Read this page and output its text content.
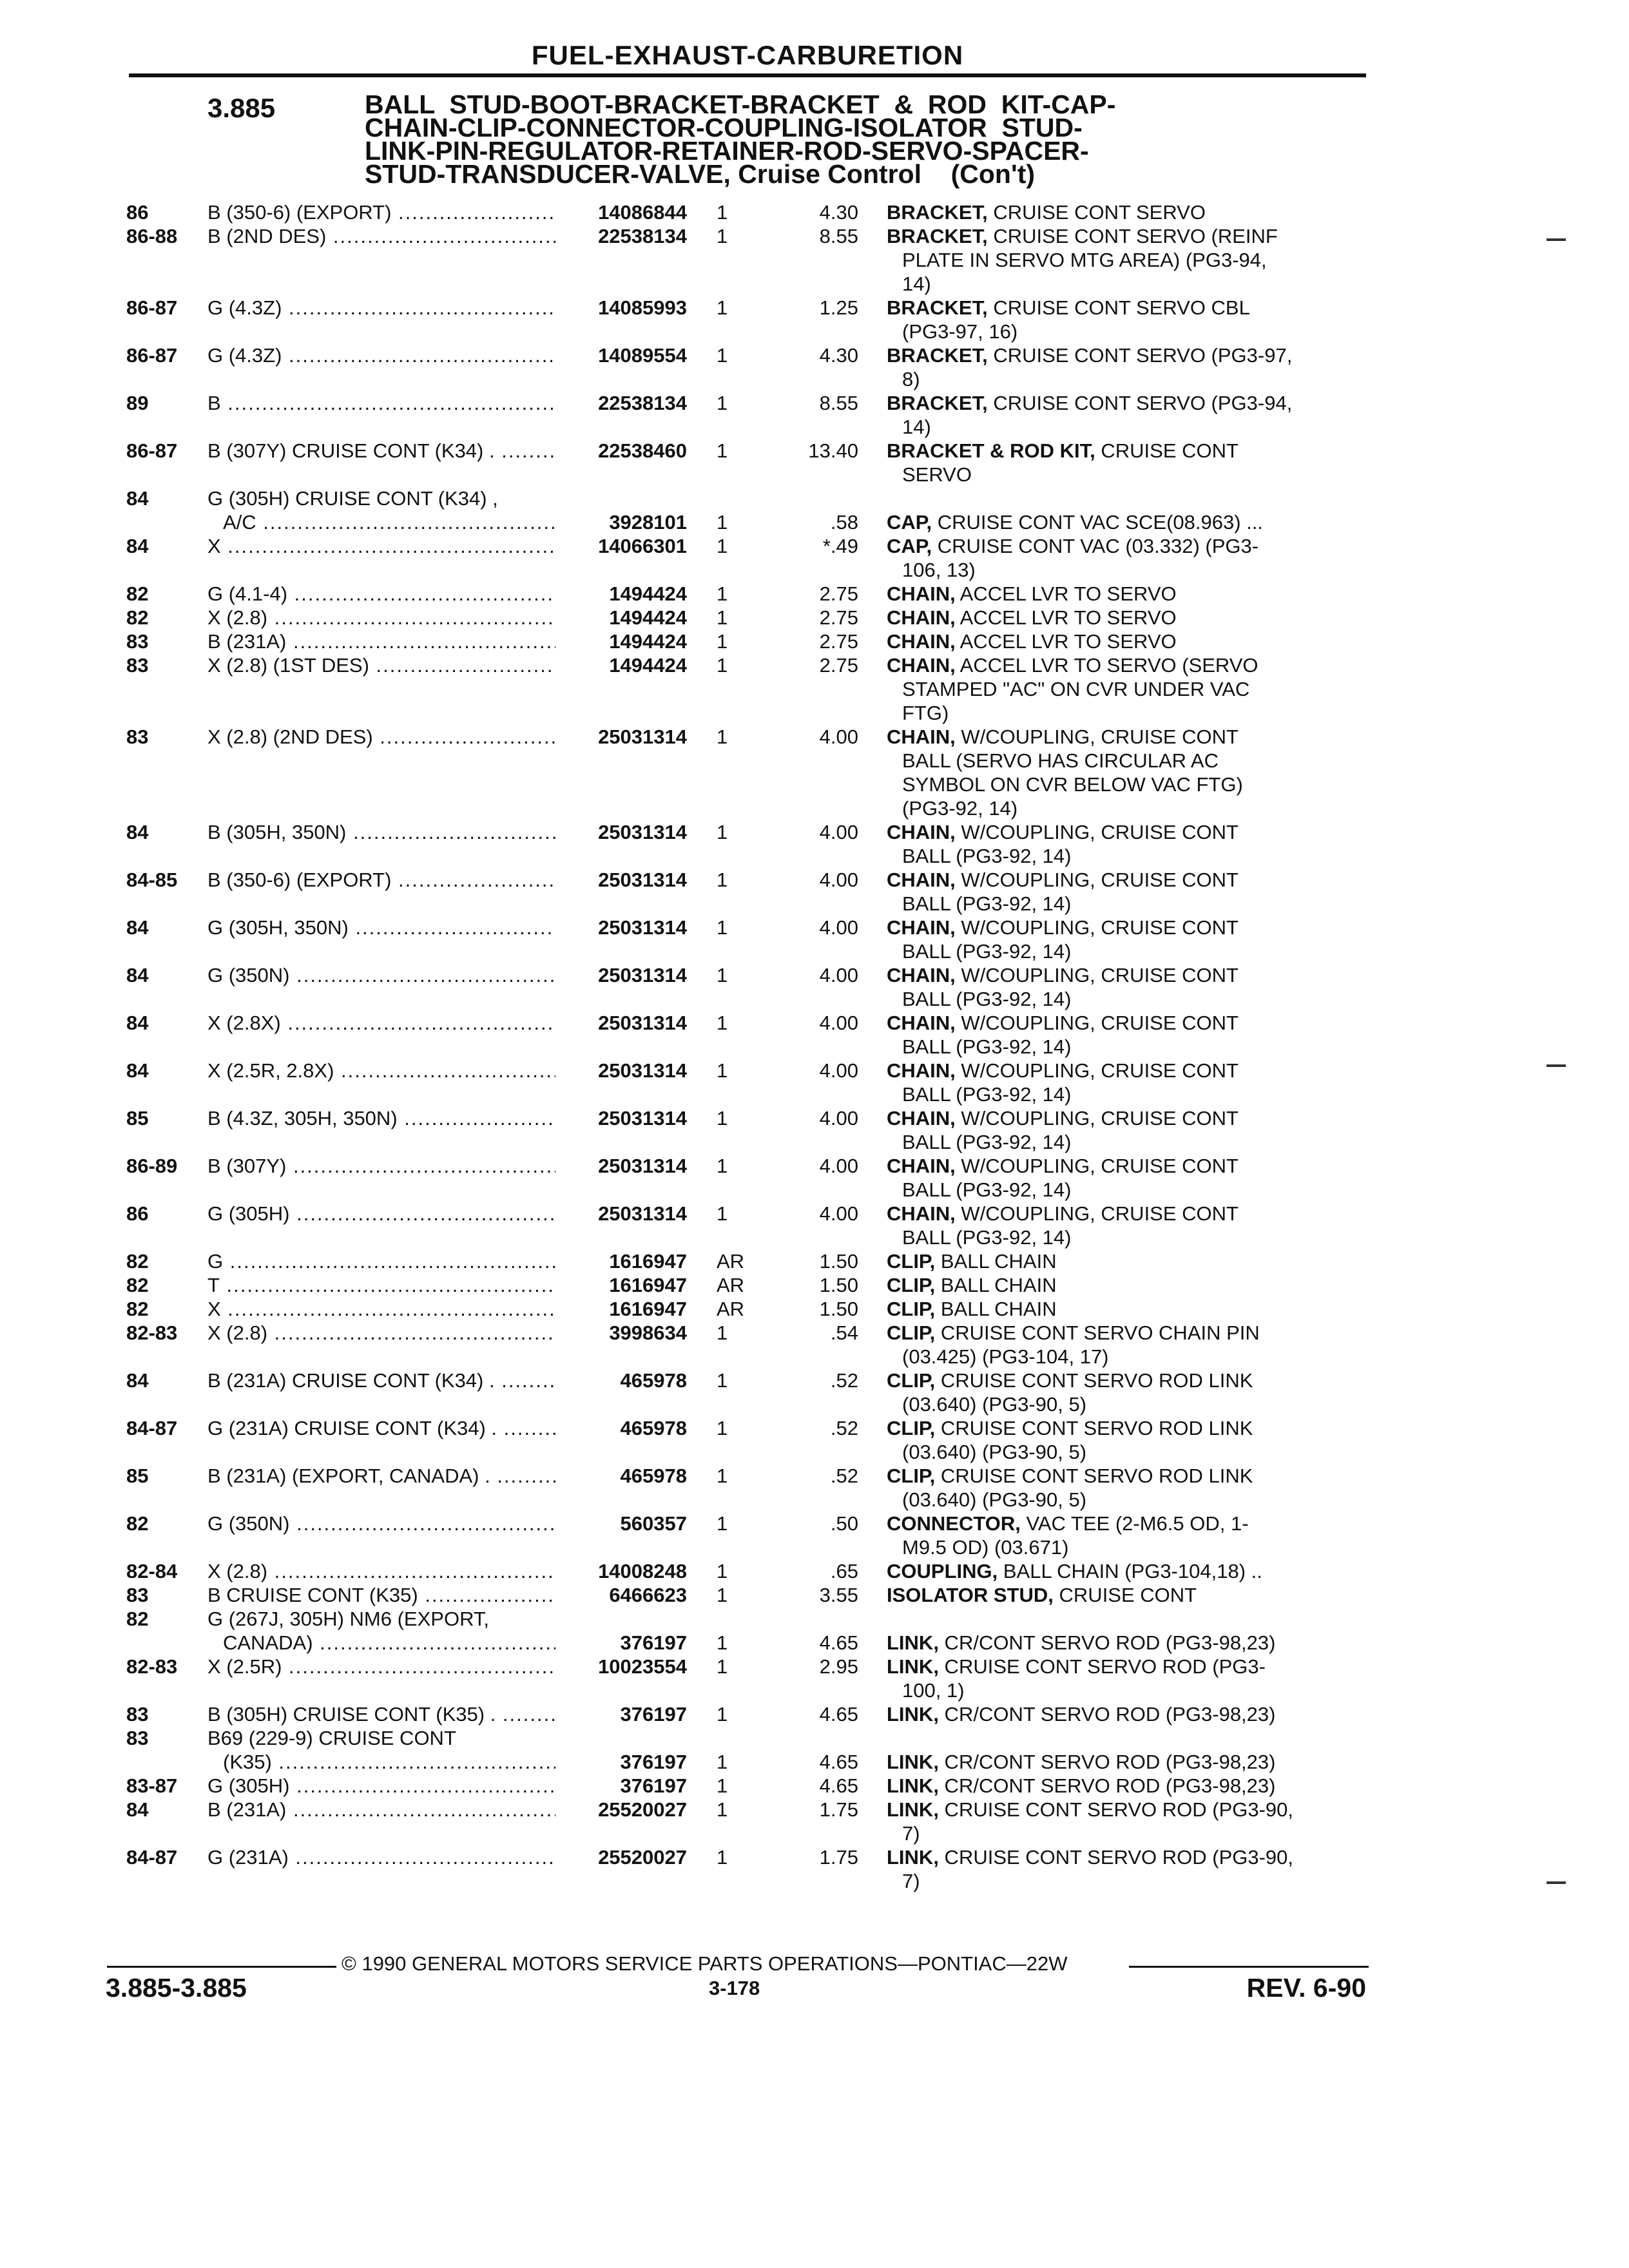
FUEL-EXHAUST-CARBURETION
3.885	BALL  STUD-BOOT-BRACKET-BRACKET  &  ROD  KIT-CAP-
CHAIN-CLIP-CONNECTOR-COUPLING-ISOLATOR  STUD-
LINK-PIN-REGULATOR-RETAINER-ROD-SERVO-SPACER-
STUD-TRANSDUCER-VALVE, Cruise Control    (Con't)
86	B (350-6) (EXPORT) .....	14086844 1	4.30 BRACKET, CRUISE CONT SERVO
86-88	B (2ND DES) .....	22538134 1	8.55 BRACKET, CRUISE CONT SERVO (REINF
PLATE IN SERVO MTG AREA) (PG3-94,
14)
86-87	G (4.3Z) .....	14085993 1	1.25 BRACKET, CRUISE CONT SERVO CBL
(PG3-97, 16)
86-87	G (4.3Z) .....	14089554 1	4.30 BRACKET, CRUISE CONT SERVO (PG3-97,
8)
89	B .....	22538134 1	8.55 BRACKET, CRUISE CONT SERVO (PG3-94,
14)
86-87	B (307Y) CRUISE CONT (K34) . .....	22538460 1	13.40 BRACKET & ROD KIT, CRUISE CONT
SERVO
84	G (305H) CRUISE CONT (K34) ,
A/C .....	3928101 1	.58 CAP, CRUISE CONT VAC SCE(08.963) ...
84	X .....	14066301 1	*.49 CAP, CRUISE CONT VAC (03.332) (PG3-
106, 13)
82	G (4.1-4) .....	1494424 1	2.75 CHAIN, ACCEL LVR TO SERVO
82	X (2.8) .....	1494424 1	2.75 CHAIN, ACCEL LVR TO SERVO
83	B (231A) .....	1494424 1	2.75 CHAIN, ACCEL LVR TO SERVO
83	X (2.8) (1ST DES) .....	1494424 1	2.75 CHAIN, ACCEL LVR TO SERVO (SERVO
STAMPED "AC" ON CVR UNDER VAC
FTG)
83	X (2.8) (2ND DES) .....	25031314 1	4.00 CHAIN, W/COUPLING, CRUISE CONT
BALL (SERVO HAS CIRCULAR AC
SYMBOL ON CVR BELOW VAC FTG)
(PG3-92, 14)
84	B (305H, 350N) .....	25031314 1	4.00 CHAIN, W/COUPLING, CRUISE CONT
BALL (PG3-92, 14)
84-85	B (350-6) (EXPORT) .....	25031314 1	4.00 CHAIN, W/COUPLING, CRUISE CONT
BALL (PG3-92, 14)
84	G (305H, 350N) .....	25031314 1	4.00 CHAIN, W/COUPLING, CRUISE CONT
BALL (PG3-92, 14)
84	G (350N) .....	25031314 1	4.00 CHAIN, W/COUPLING, CRUISE CONT
BALL (PG3-92, 14)
84	X (2.8X) .....	25031314 1	4.00 CHAIN, W/COUPLING, CRUISE CONT
BALL (PG3-92, 14)
84	X (2.5R, 2.8X) .....	25031314 1	4.00 CHAIN, W/COUPLING, CRUISE CONT
BALL (PG3-92, 14)
85	B (4.3Z, 305H, 350N) .....	25031314 1	4.00 CHAIN, W/COUPLING, CRUISE CONT
BALL (PG3-92, 14)
86-89	B (307Y) .....	25031314 1	4.00 CHAIN, W/COUPLING, CRUISE CONT
BALL (PG3-92, 14)
86	G (305H) .....	25031314 1	4.00 CHAIN, W/COUPLING, CRUISE CONT
BALL (PG3-92, 14)
82	G .....	1616947 AR	1.50 CLIP, BALL CHAIN
82	T .....	1616947 AR	1.50 CLIP, BALL CHAIN
82	X .....	1616947 AR	1.50 CLIP, BALL CHAIN
82-83	X (2.8) .....	3998634 1	.54 CLIP, CRUISE CONT SERVO CHAIN PIN
(03.425) (PG3-104, 17)
84	B (231A) CRUISE CONT (K34) . .....	465978 1	.52 CLIP, CRUISE CONT SERVO ROD LINK
(03.640) (PG3-90, 5)
84-87	G (231A) CRUISE CONT (K34) . .....	465978 1	.52 CLIP, CRUISE CONT SERVO ROD LINK
(03.640) (PG3-90, 5)
85	B (231A) (EXPORT, CANADA) . .....	465978 1	.52 CLIP, CRUISE CONT SERVO ROD LINK
(03.640) (PG3-90, 5)
82	G (350N) .....	560357 1	.50 CONNECTOR, VAC TEE (2-M6.5 OD, 1-
M9.5 OD) (03.671)
82-84	X (2.8) .....	14008248 1	.65 COUPLING, BALL CHAIN (PG3-104,18) ..
83	B CRUISE CONT (K35) .....	6466623 1	3.55 ISOLATOR STUD, CRUISE CONT
82	G (267J, 305H) NM6 (EXPORT,
CANADA) .....	376197 1	4.65 LINK, CR/CONT SERVO ROD (PG3-98,23)
82-83	X (2.5R) .....	10023554 1	2.95 LINK, CRUISE CONT SERVO ROD (PG3-
100, 1)
83	B (305H) CRUISE CONT (K35) . .....	376197 1	4.65 LINK, CR/CONT SERVO ROD (PG3-98,23)
83	B69 (229-9) CRUISE CONT
(K35) .....	376197 1	4.65 LINK, CR/CONT SERVO ROD (PG3-98,23)
83-87	G (305H) .....	376197 1	4.65 LINK, CR/CONT SERVO ROD (PG3-98,23)
84	B (231A) .....	25520027 1	1.75 LINK, CRUISE CONT SERVO ROD (PG3-90,
7)
84-87	G (231A) .....	25520027 1	1.75 LINK, CRUISE CONT SERVO ROD (PG3-90,
7)
© 1990 GENERAL MOTORS SERVICE PARTS OPERATIONS—PONTIAC—22W
3.885-3.885	3-178	REV. 6-90
